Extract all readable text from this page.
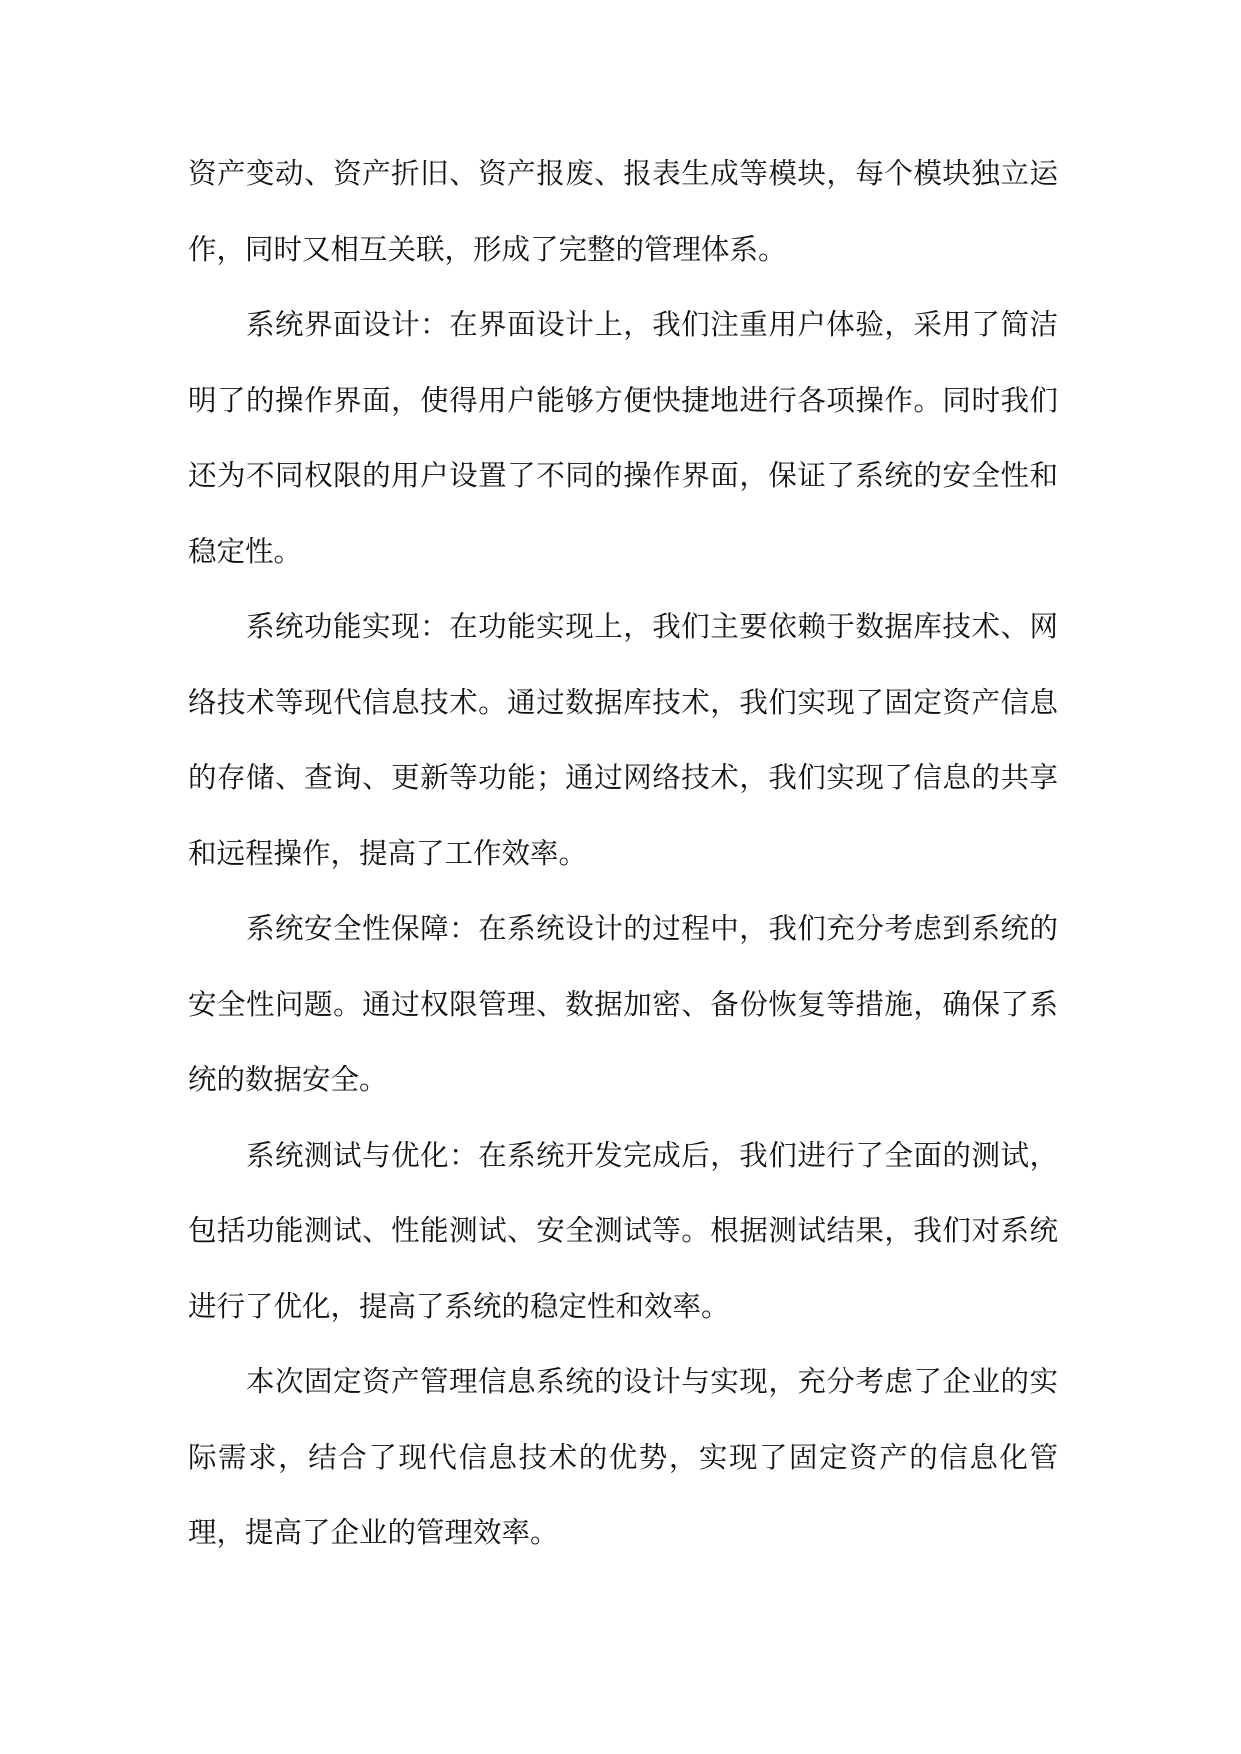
资产变动、资产折旧、资产报废、报表生成等模块，每个模块独立运作，同时又相互关联，形成了完整的管理体系。

系统界面设计：在界面设计上，我们注重用户体验，采用了简洁明了的操作界面，使得用户能够方便快捷地进行各项操作。同时我们还为不同权限的用户设置了不同的操作界面，保证了系统的安全性和稳定性。

系统功能实现：在功能实现上，我们主要依赖于数据库技术、网络技术等现代信息技术。通过数据库技术，我们实现了固定资产信息的存储、查询、更新等功能；通过网络技术，我们实现了信息的共享和远程操作，提高了工作效率。

系统安全性保障：在系统设计的过程中，我们充分考虑到系统的安全性问题。通过权限管理、数据加密、备份恢复等措施，确保了系统的数据安全。

系统测试与优化：在系统开发完成后，我们进行了全面的测试，包括功能测试、性能测试、安全测试等。根据测试结果，我们对系统进行了优化，提高了系统的稳定性和效率。

本次固定资产管理信息系统的设计与实现，充分考虑了企业的实际需求，结合了现代信息技术的优势，实现了固定资产的信息化管理，提高了企业的管理效率。
